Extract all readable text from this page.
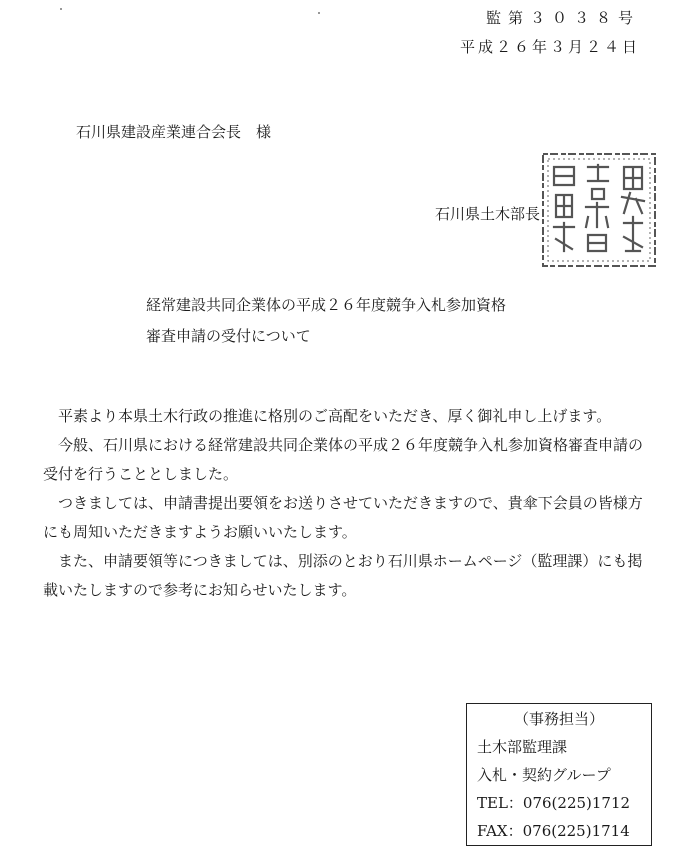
監第３０３８号
平成２６年３月２４日
石川県建設産業連合会長　様
石川県土木部長
経常建設共同企業体の平成２６年度競争入札参加資格
審査申請の受付について

平素より本県土木行政の推進に格別のご高配をいただき、厚く御礼申し上げます。

今般、石川県における経常建設共同企業体の平成２６年度競争入札参加資格審査申請の受付を行うこととしました。

つきましては、申請書提出要領をお送りさせていただきますので、貴傘下会員の皆様方にも周知いただきますようお願いいたします。

また、申請要領等につきましては、別添のとおり石川県ホームページ（監理課）にも掲載いたしますので参考にお知らせいたします。

（事務担当）
土木部監理課
入札・契約グループ
TEL：076(225)1712
FAX：076(225)1714
